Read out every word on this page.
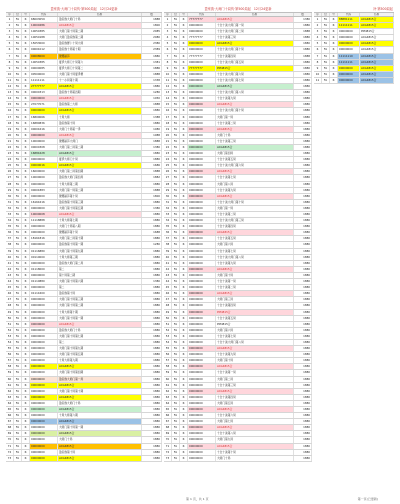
盈家族·大师门十局传·第500局起 12月24更新
序	位	号	代码	名称	数
1	FA	R	68003059	盈家族大师门十局	1888
2	FA	R	10000286	ACG4815合	1800
3	FA	R	10050385	大师门第十局第二期	2085
4	FA	R	10050188	大师门盈家族第二期	2080
5	FA	R	15053000	盈家族群卜十局大师	2380
6	FA	R	00001012	盈家族十局第十期	2389
7	FA	R	00008000	蒙娜丽莎	1880
8	FA	R	10050385	夏季大师门十局第六	1381
9	FA	R	00000085	夏季大师门十局第二	1886
10	FA	R	00500000	大师门第十局夏季赛	1888
11	FA	R	11111111	十一小局第十期	1338
12	FA	R	27777777	ACG4815合	1880
13	FA	R	00000313	盈家族十局第四期	1280
14	FA	R	00000000	ACG4815合	1050
15	FA	R	27077071	盈家族第二大师	1888
16	FA	R	00000000	ACG4815合	1880
17	FA	R	16800066	十局大师	1388
18	FA	R	16880836	盈家族第十局	1880
19	FA	R	00001616	大师门十局第一季	1080
20	FA	R	00000000	ACG4815合	1988
21	FA	R	10000000	蒙娜丽莎大师门	1888
22	FA	R	00000308	大师门第二局第二期	1380
23	FA	R	16881628	ACG4815合	1880
24	FA	R	00000000	夏季大师门十局	1880
25	FA	R	00000016	ACG4815合	1686
26	FA	R	16000000	大师门第二局第四期	1888
27	FA	R	10000000	盈家族大师门第四局	1882
28	FA	R	00000000	十局大师第二期	1880
29	FA	R	00001883	大师门第一局第二期	1888
30	FA	R	00000000	蒙娜丽莎第十局	1800
31	FA	R	16161616	盈家族第十局第三期	1880
32	FA	R	00000000	大师门第十局第五期	1380
33	FA	R	10000008	ACG4815合	1880
34	FA	R	11118888	十局大师第七期	1880
35	FA	R	00000000	大师门十局第八期	1880
36	FA	R	00000000	蒙娜丽莎第十局	1688
37	FA	R	18161816	大师门第二局第十期	1880
38	FA	R	00000000	盈家族第十局第一期	1280
39	FA	R	01116880	大师门第十局第九期	1880
40	FA	R	00110000	十局大师第三期	1880
41	FA	R	00000000	盈家族大师门第二局	1880
42	FA	R	01118000	第二	1880
43	FA	R	00000000	第十局第二期	1880
44	FA	R	01110880	大师门第十局第六期	1380
45	FA	R	00000000	第二	1880
46	FA	R	01111600	盈家族第十局	1880
47	FA	R	00000000	大师门第十局第三期	1880
48	FA	R	00000000	大师门第十局第二期	1880
49	FA	R	00000000	十局大师第十期	1880
50	FA	R	00000000	大师门第十局第一期	1880
51	FA	R	00000000	ACG4815合	1880
52	FA	R	00000000	盈家族大师门十局	1880
53	FA	R	00000000	大师门第十局第七期	1880
54	FA	R	00000000	第二	1880
55	FA	R	00000000	大师门第十局第九期	1880
56	FA	R	00000000	大师门第十局第五期	1880
57	FA	R	00000000	十局大师第九期	1880
58	FA	R	00000000	ACG4815合	1880
59	FA	R	00000000	大师门第十局第四期	1880
60	FA	R	00000000	盈家族大师门第一局	1880
61	FA	R	00000000	ACG4815合	1880
62	FA	R	00000000	大师门第十局第十期	1880
63	FA	R	00000000	ACG4815合	1880
64	FA	R	00000000	盈家族大师门十局	1880
65	FA	R	00000000	ACG4815合	1880
66	FA	R	00000000	十局大师第六期	1880
67	FA	R	00000000	ACG4815合	1880
68	FA	R	00000000	大师门第十局第一期	1880
69	FA	R	00000000	ACG4815合	1880
70	FA	R	00000000	大师门十局	1880
71	FA	R	00000000	ACG4815合	1880
72	FA	R	00000000	盈家族第十局	1880
73	FA	R	00000000	ACG4815合	1880
盈家族·大师门十局传·第500局起 12月24更新
序	位	号	代码	名称	数
1	FA	R	77777777	ACG4815合	1380
2	FA	R	00000000	十全十美大师门第一局	1880
3	FA	R	00000000	十全十美大师门第二局	1888
4	FA	R	77777777	十全十美第三局	1880
5	FA	R	00000000	ACG4815合	1880
6	FA	R	00000000	十全十美大师门第十局	1880
7	FA	R	77777777	十全十美第四局	1888
8	FA	R	00000000	十全十美大师门第五局	1880
9	FA	R	77777777	PM4815合	1880
10	FA	R	00000000	十全十美大师门第六局	1880
11	FA	R	00000000	十全十美大师门第七局	1880
12	FA	R	00000000	ACG4815合	1880
13	FA	R	00000000	十全十美大师门第八局	1880
14	FA	R	00000000	十全十美第九局	1880
15	FA	R	00000000	ACG4815合	1880
16	FA	R	00000000	十全十美大师门第十局	1880
17	FA	R	00000000	大师门第一局	1880
18	FA	R	00000000	十全十美第二局	1880
19	FA	R	00000000	ACG4815合	1880
20	FA	R	00000000	大师门十局	1880
21	FA	R	00000000	十全十美第三局	1880
22	FA	R	00000000	ACG4815合	1880
23	FA	R	00000000	大师门第四局	1880
24	FA	R	00000000	十全十美第五局	1880
25	FA	R	00000000	十全十美大师门第六局	1880
26	FA	R	00000000	ACG4815合	1880
27	FA	R	00000000	十全十美第七局	1880
28	FA	R	00000000	大师门第八局	1880
29	FA	R	00000000	十全十美第九局	1880
30	FA	R	00000000	ACG4815合	1880
31	FA	R	00000000	十全十美大师门第十局	1880
32	FA	R	00000000	大师门第一局	1880
33	FA	R	00000000	十全十美第二局	1880
34	FA	R	00000000	十全十美大师门第三局	1880
35	FA	R	00000000	十全十美第四局	1880
36	FA	R	00000000	ACG4815合	1880
37	FA	R	00000000	十全十美第五局	1880
38	FA	R	00000000	大师门第六局	1880
39	FA	R	00000000	十全十美第七局	1880
40	FA	R	00000000	十全十美大师门第八局	1880
41	FA	R	00000000	十全十美第九局	1880
42	FA	R	00000000	ACG4815合	1880
43	FA	R	00000000	大师门第十局	1880
44	FA	R	00000000	十全十美第一局	1880
45	FA	R	00000000	十全十美第二局	1880
46	FA	R	00000000	ACG4815合	1880
47	FA	R	00000000	大师门第三局	1880
48	FA	R	00000000	十全十美第四局	1880
49	FA	R	00000000	PM4815合	1880
50	FA	R	00000000	十全十美第五局	1880
51	FA	R	00000000	PM4815合	1880
52	FA	R	00000000	大师门第六局	1880
53	FA	R	00000000	十全十美第七局	1880
54	FA	R	00000000	十全十美大师门第八局	1880
55	FA	R	00000000	ACG4815合	1880
56	FA	R	00000000	十全十美第九局	1880
57	FA	R	00000000	大师门第十局	1880
58	FA	R	00000000	ACG4815合	1880
59	FA	R	00000000	十全十美第一局	1880
60	FA	R	00000000	大师门第二局	1880
61	FA	R	00000000	十全十美第三局	1880
62	FA	R	00000000	ACG4815合	1880
63	FA	R	00000000	十全十美第四局	1880
64	FA	R	00000000	大师门第五局	1880
65	FA	R	00000000	ACG4815合	1880
66	FA	R	00000000	十全十美第六局	1880
67	FA	R	00000000	大师门第七局	1880
68	FA	R	00000000	ACG4815合	1880
69	FA	R	00000000	十全十美第八局	1880
70	FA	R	00000000	大师门第九局	1880
71	FA	R	00000000	ACG4815合	1880
72	FA	R	00000000	十全十美第十局	1880
73	FA	R	00000000	大师门十局	1880
补·第500局起
序	位	号	代码	名称
1	FA	R	88881111	ACG4815合
2	FA	R	11111111	ACG4815合
3	FA	R	00000000	PM4815合
4	FA	R	00000000	ACG4815合
5	FA	R	00000000	ACG4815合
6	FA	R	00000000	ACG4815合
7	FA	R	11111110	ACG4815合
8	FA	R	11111111	ACG4815合
9	FA	R	00000000	ACG4815合
10	FA	R	00000000	ACG4815合
11	FA	R	00000000	ACG4815合
第 1 页，共 1 页	第一页(已更新)
